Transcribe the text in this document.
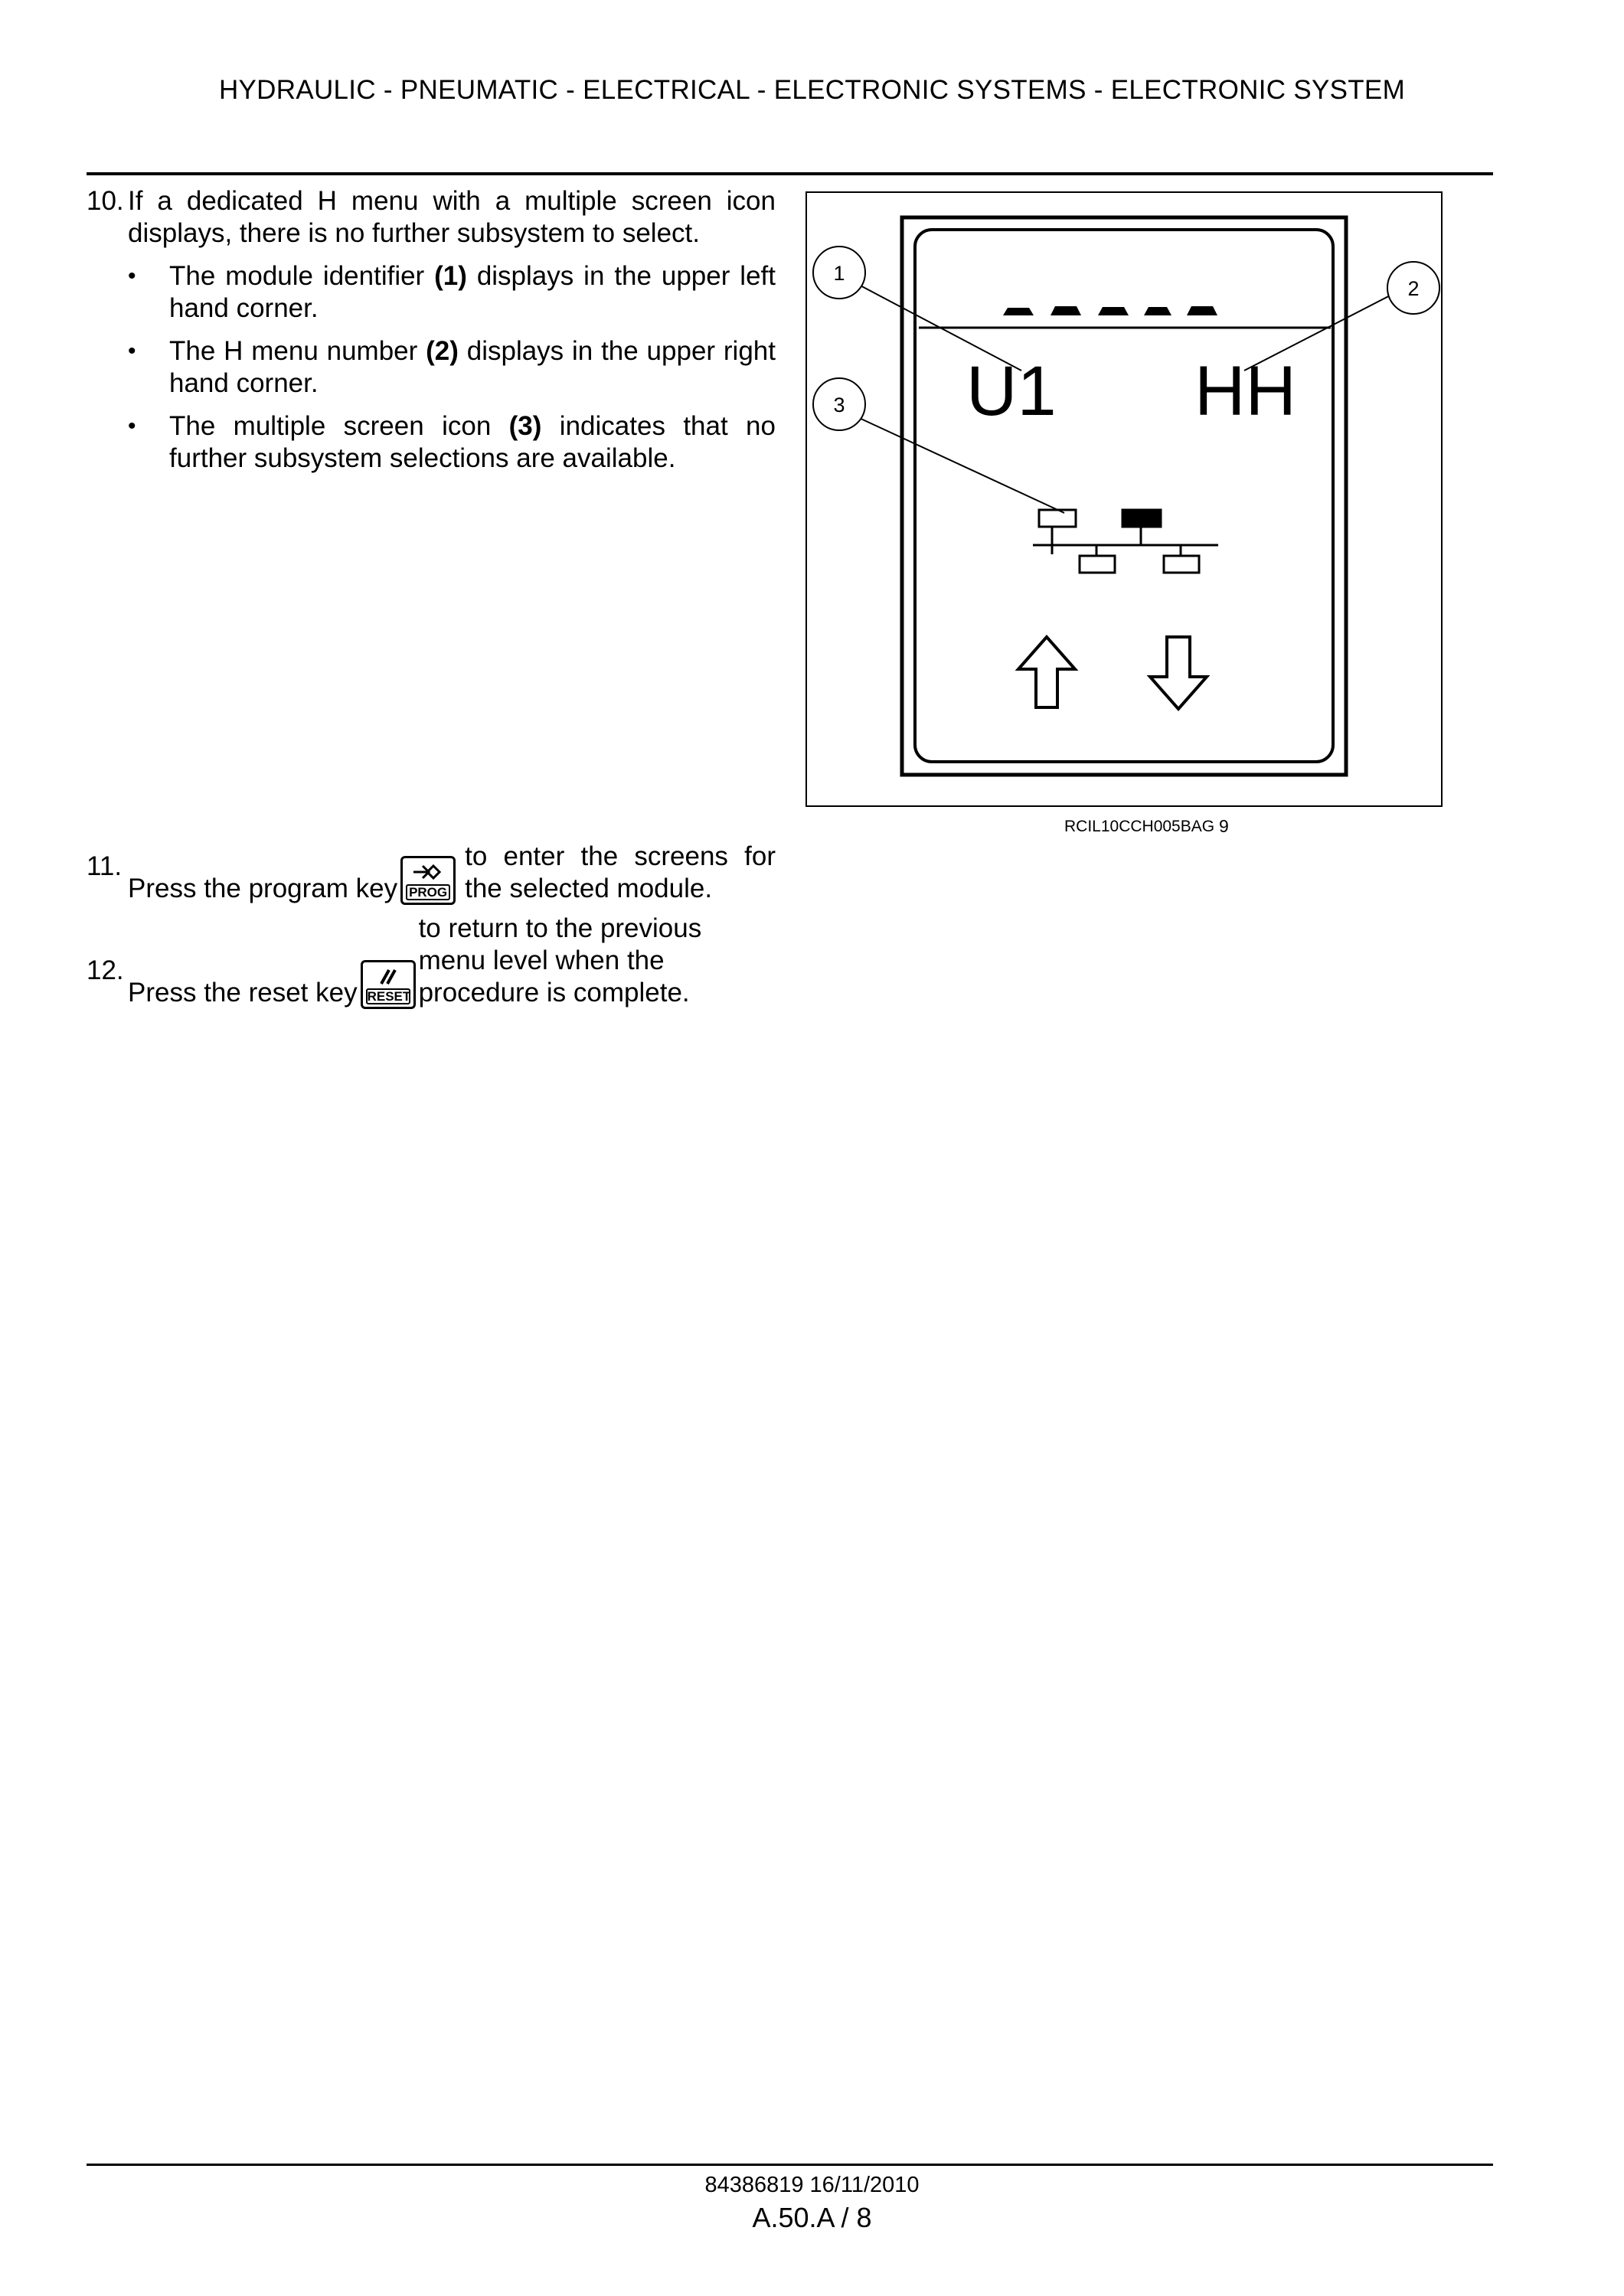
HYDRAULIC - PNEUMATIC - ELECTRICAL - ELECTRONIC SYSTEMS - ELECTRONIC SYSTEM
10. If a dedicated H menu with a multiple screen icon displays, there is no further subsystem to select.
•	The module identifier (1) displays in the upper left hand corner.
•	The H menu number (2) displays in the upper right hand corner.
•	The multiple screen icon (3) indicates that no further subsystem selections are available.
U1 HH
1
2
3
RCIL10CCH005BAG 9
11.
Press the program key PROG
to enter the screens for the selected module.
12.
Press the reset key RESET
to return to the previous menu level when the procedure is complete.
84386819 16/11/2010
A.50.A / 8
